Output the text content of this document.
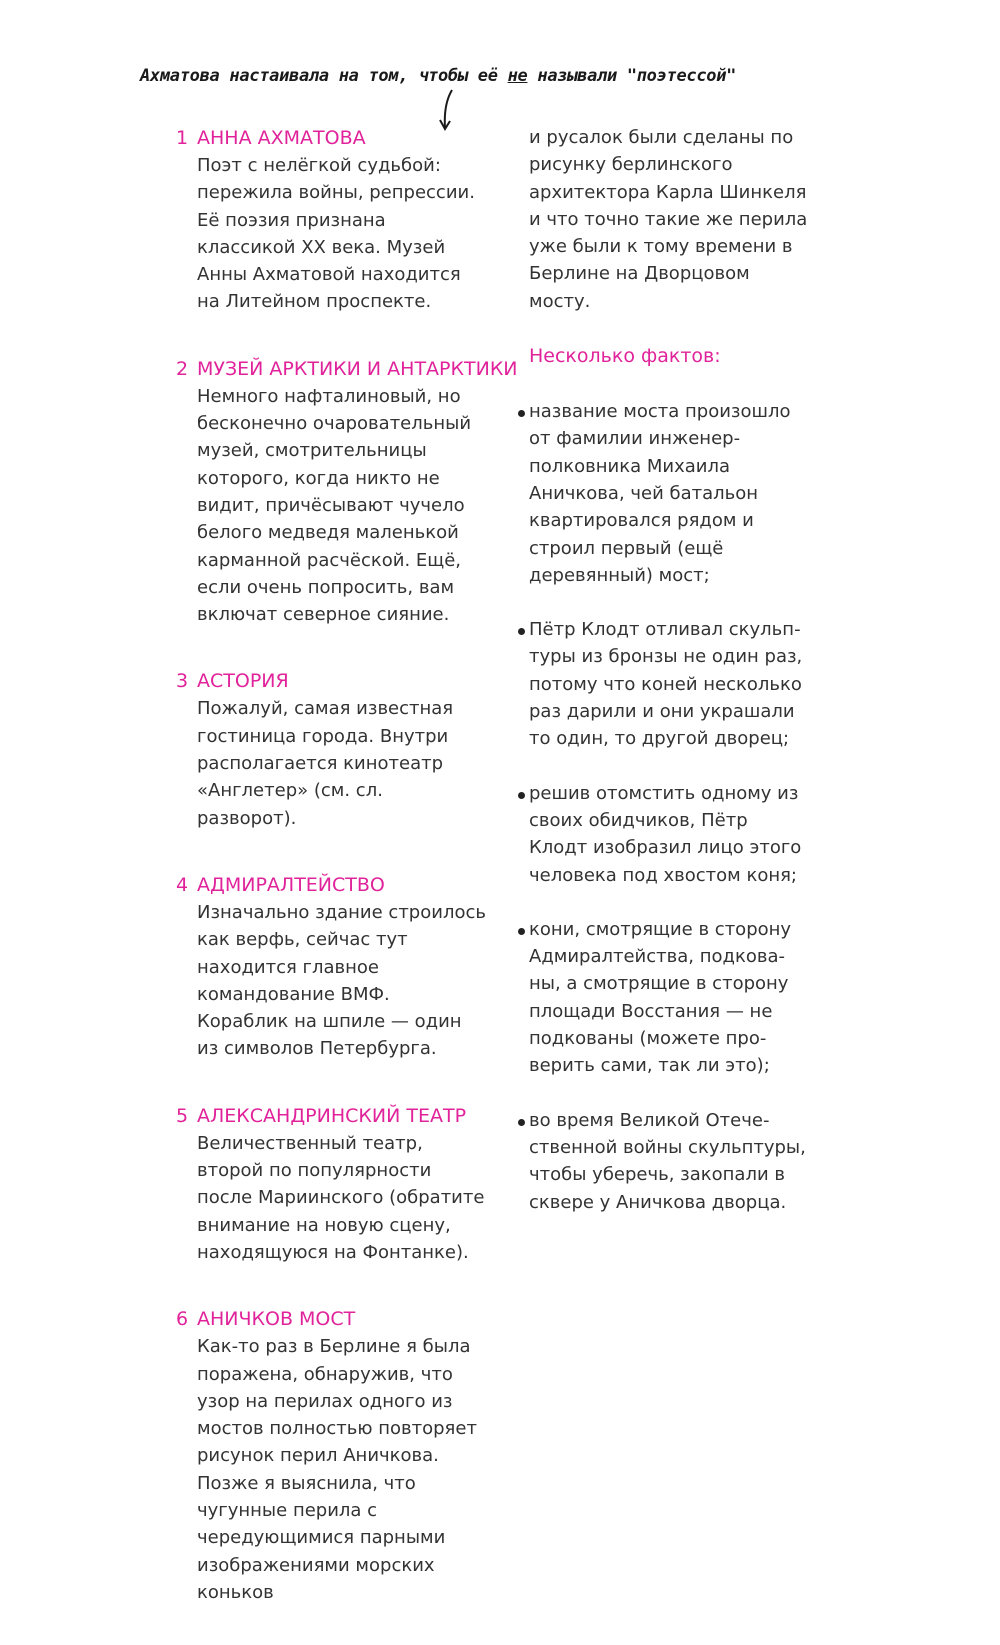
Ахматова настаивала на том, чтобы её не называли "поэтессой"
1 АННА АХМАТОВА
Поэт с нелёгкой судьбой: пережила войны, репрессии. Её поэзия признана классикой XX века. Музей Анны Ахматовой находится на Литейном проспекте.
2 МУЗЕЙ АРКТИКИ И АНТАРКТИКИ
Немного нафталиновый, но бесконечно очаровательный музей, смотрительницы которого, когда никто не видит, причёсывают чучело белого медведя маленькой карманной расчёской. Ещё, если очень попросить, вам включат северное сияние.
3 АСТОРИЯ
Пожалуй, самая известная гостиница города. Внутри располагается кинотеатр «Англетер» (см. сл. разворот).
4 АДМИРАЛТЕЙСТВО
Изначально здание строилось как верфь, сейчас тут находится главное командование ВМФ. Кораблик на шпиле — один из символов Петербурга.
5 АЛЕКСАНДРИНСКИЙ ТЕАТР
Величественный театр, второй по популярности после Мариинского (обратите внимание на новую сцену, находящуюся на Фонтанке).
6 АНИЧКОВ МОСТ
Как-то раз в Берлине я была поражена, обнаружив, что узор на перилах одного из мостов полностью повторяет рисунок перил Аничкова. Позже я выяснила, что чугунные перила с чередующимися парными изображениями морских коньков
и русалок были сделаны по рисунку берлинского архитектора Карла Шинкеля и что точно такие же перила уже были к тому времени в Берлине на Дворцовом мосту.
Несколько фактов:
название моста произошло от фамилии инженер-полковника Михаила Аничкова, чей батальон квартировался рядом и строил первый (ещё деревянный) мост;
Пётр Клодт отливал скульптуры из бронзы не один раз, потому что коней несколько раз дарили и они украшали то один, то другой дворец;
решив отомстить одному из своих обидчиков, Пётр Клодт изобразил лицо этого человека под хвостом коня;
кони, смотрящие в сторону Адмиралтейства, подкованы, а смотрящие в сторону площади Восстания — не подкованы (можете проверить сами, так ли это);
во время Великой Отечественной войны скульптуры, чтобы уберечь, закопали в сквере у Аничкова дворца.
